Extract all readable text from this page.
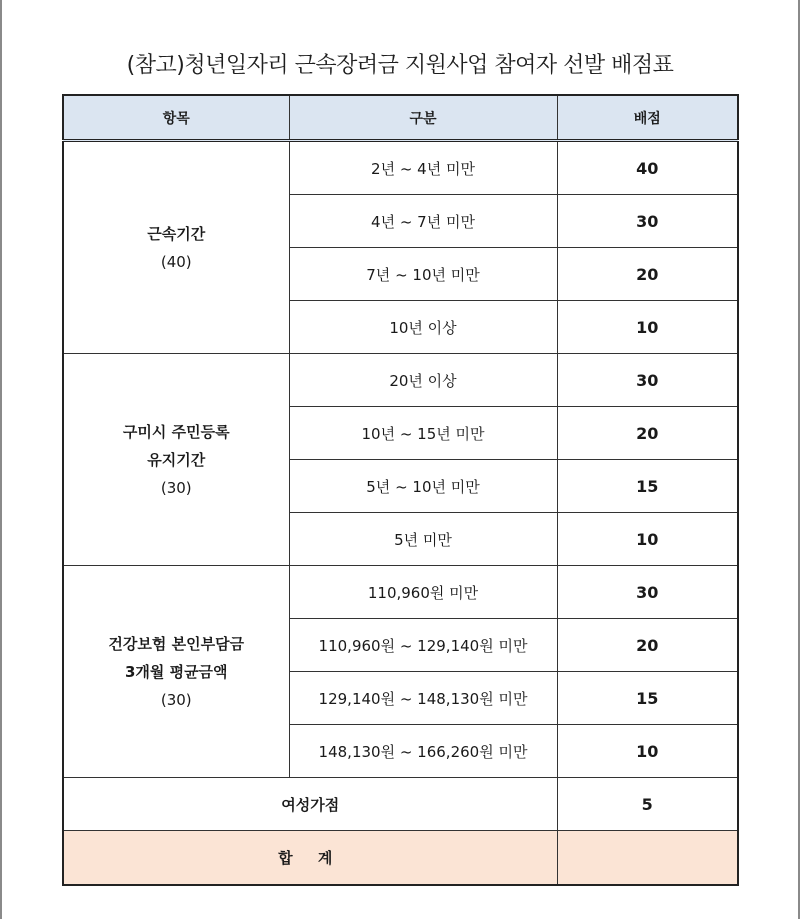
(참고)청년일자리 근속장려금 지원사업 참여자 선발 배점표
항목	구분	배점

근속기간
(40)	2년 ~ 4년 미만	40
	4년 ~ 7년 미만	30
	7년 ~ 10년 미만	20
	10년 이상	10

구미시 주민등록
유지기간
(30)	20년 이상	30
	10년 ~ 15년 미만	20
	5년 ~ 10년 미만	15
	5년 미만	10

건강보험 본인부담금
3개월 평균금액
(30)	110,960원 미만	30
	110,960원 ~ 129,140원 미만	20
	129,140원 ~ 148,130원 미만	15
	148,130원 ~ 166,260원 미만	10
여성가점		5
합 계		
